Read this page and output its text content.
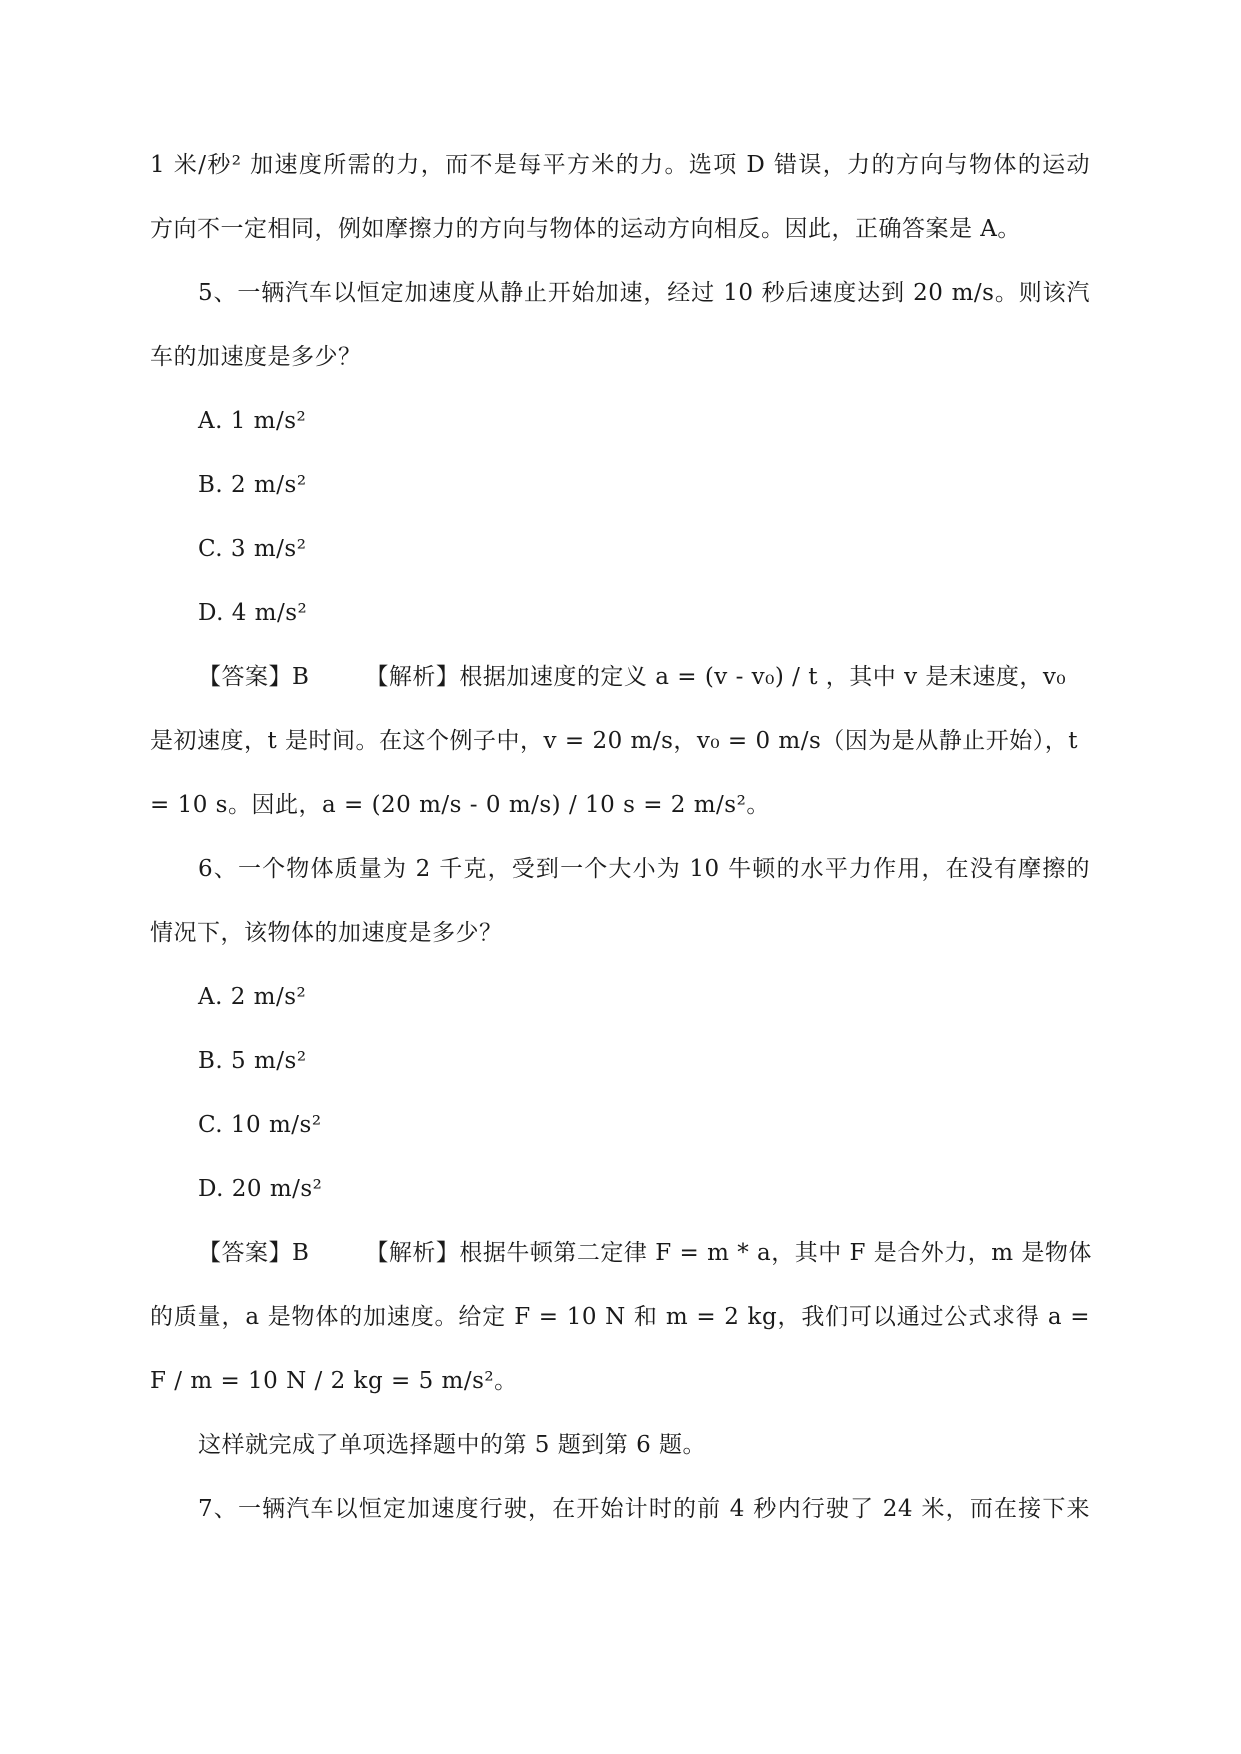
1 米/秒² 加速度所需的力，而不是每平方米的力。选项 D 错误，力的方向与物体的运动
方向不一定相同，例如摩擦力的方向与物体的运动方向相反。因此，正确答案是 A。
5、一辆汽车以恒定加速度从静止开始加速，经过 10 秒后速度达到 20 m/s。则该汽
车的加速度是多少？
A. 1 m/s²
B. 2 m/s²
C. 3 m/s²
D. 4 m/s²
【答案】B 【解析】根据加速度的定义 a = (v - v₀) / t ，其中 v 是末速度，v₀
是初速度，t 是时间。在这个例子中，v = 20 m/s，v₀ = 0 m/s（因为是从静止开始），t
= 10 s。因此，a = (20 m/s - 0 m/s) / 10 s = 2 m/s²。
6、一个物体质量为 2 千克，受到一个大小为 10 牛顿的水平力作用，在没有摩擦的
情况下，该物体的加速度是多少？
A. 2 m/s²
B. 5 m/s²
C. 10 m/s²
D. 20 m/s²
【答案】B 【解析】根据牛顿第二定律 F = m * a，其中 F 是合外力，m 是物体
的质量，a 是物体的加速度。给定 F = 10 N 和 m = 2 kg，我们可以通过公式求得 a =
F / m = 10 N / 2 kg = 5 m/s²。
这样就完成了单项选择题中的第 5 题到第 6 题。
7、一辆汽车以恒定加速度行驶，在开始计时的前 4 秒内行驶了 24 米，而在接下来
